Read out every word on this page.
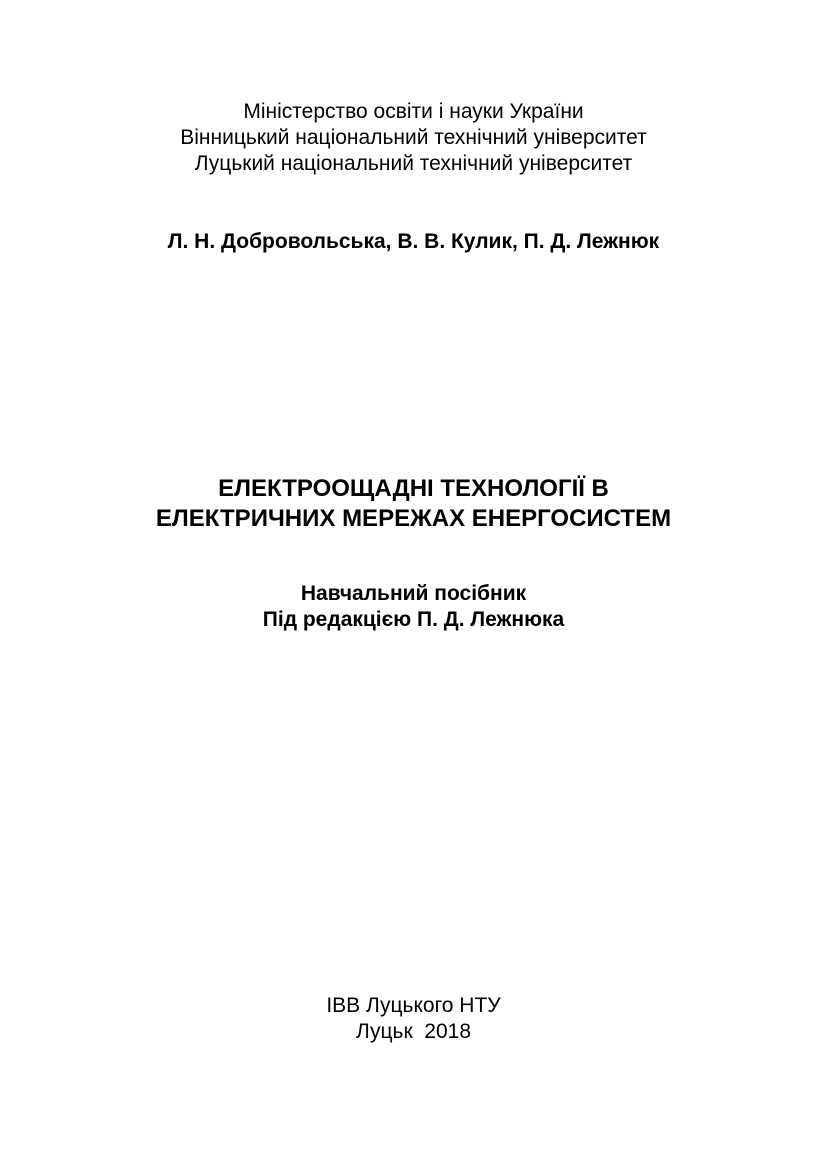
Міністерство освіти і науки України
Вінницький національний технічний університет
Луцький національний технічний університет
Л. Н. Добровольська, В. В. Кулик, П. Д. Лежнюк
ЕЛЕКТРООЩАДНІ ТЕХНОЛОГІЇ В
ЕЛЕКТРИЧНИХ МЕРЕЖАХ ЕНЕРГОСИСТЕМ
Навчальний посібник
Під редакцією П. Д. Лежнюка
ІВВ Луцького НТУ
Луцьк  2018
